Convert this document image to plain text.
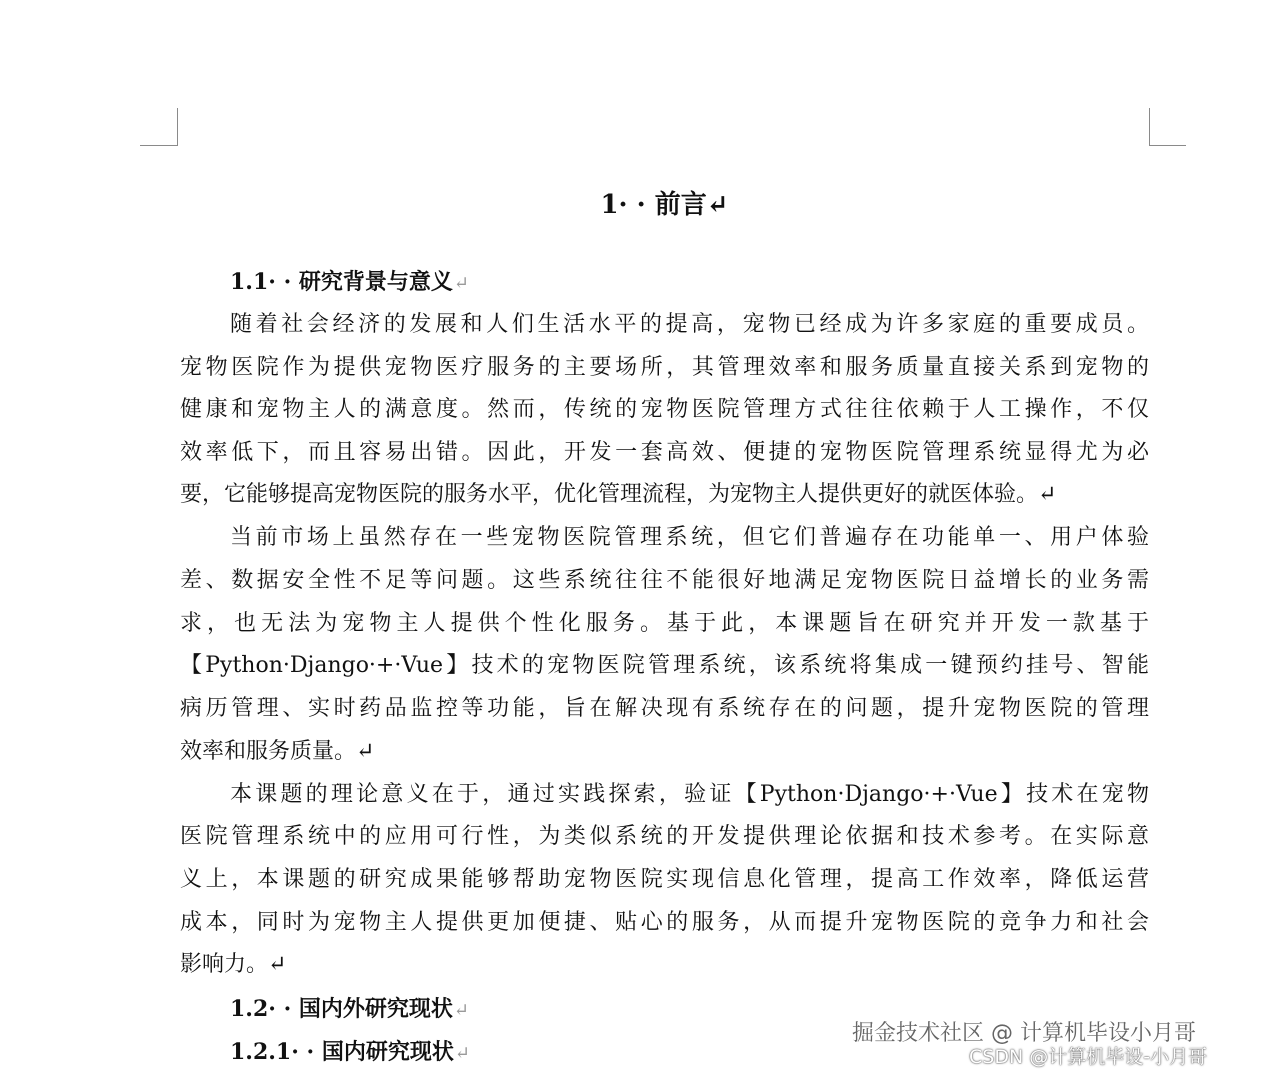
1· · 前言↵
1.1· · 研究背景与意义↵
随着社会经济的发展和人们生活水平的提高，宠物已经成为许多家庭的重要成员。
宠物医院作为提供宠物医疗服务的主要场所，其管理效率和服务质量直接关系到宠物的
健康和宠物主人的满意度。然而，传统的宠物医院管理方式往往依赖于人工操作，不仅
效率低下，而且容易出错。因此，开发一套高效、便捷的宠物医院管理系统显得尤为必
要，它能够提高宠物医院的服务水平，优化管理流程，为宠物主人提供更好的就医体验。↵
当前市场上虽然存在一些宠物医院管理系统，但它们普遍存在功能单一、用户体验
差、数据安全性不足等问题。这些系统往往不能很好地满足宠物医院日益增长的业务需
求，也无法为宠物主人提供个性化服务。基于此，本课题旨在研究并开发一款基于
【Python·Django·+·Vue】技术的宠物医院管理系统，该系统将集成一键预约挂号、智能
病历管理、实时药品监控等功能，旨在解决现有系统存在的问题，提升宠物医院的管理
效率和服务质量。↵
本课题的理论意义在于，通过实践探索，验证【Python·Django·+·Vue】技术在宠物
医院管理系统中的应用可行性，为类似系统的开发提供理论依据和技术参考。在实际意
义上，本课题的研究成果能够帮助宠物医院实现信息化管理，提高工作效率，降低运营
成本，同时为宠物主人提供更加便捷、贴心的服务，从而提升宠物医院的竞争力和社会
影响力。↵
1.2· · 国内外研究现状↵
1.2.1· · 国内研究现状↵
掘金技术社区 @ 计算机毕设小月哥
CSDN @计算机毕设-小月哥
